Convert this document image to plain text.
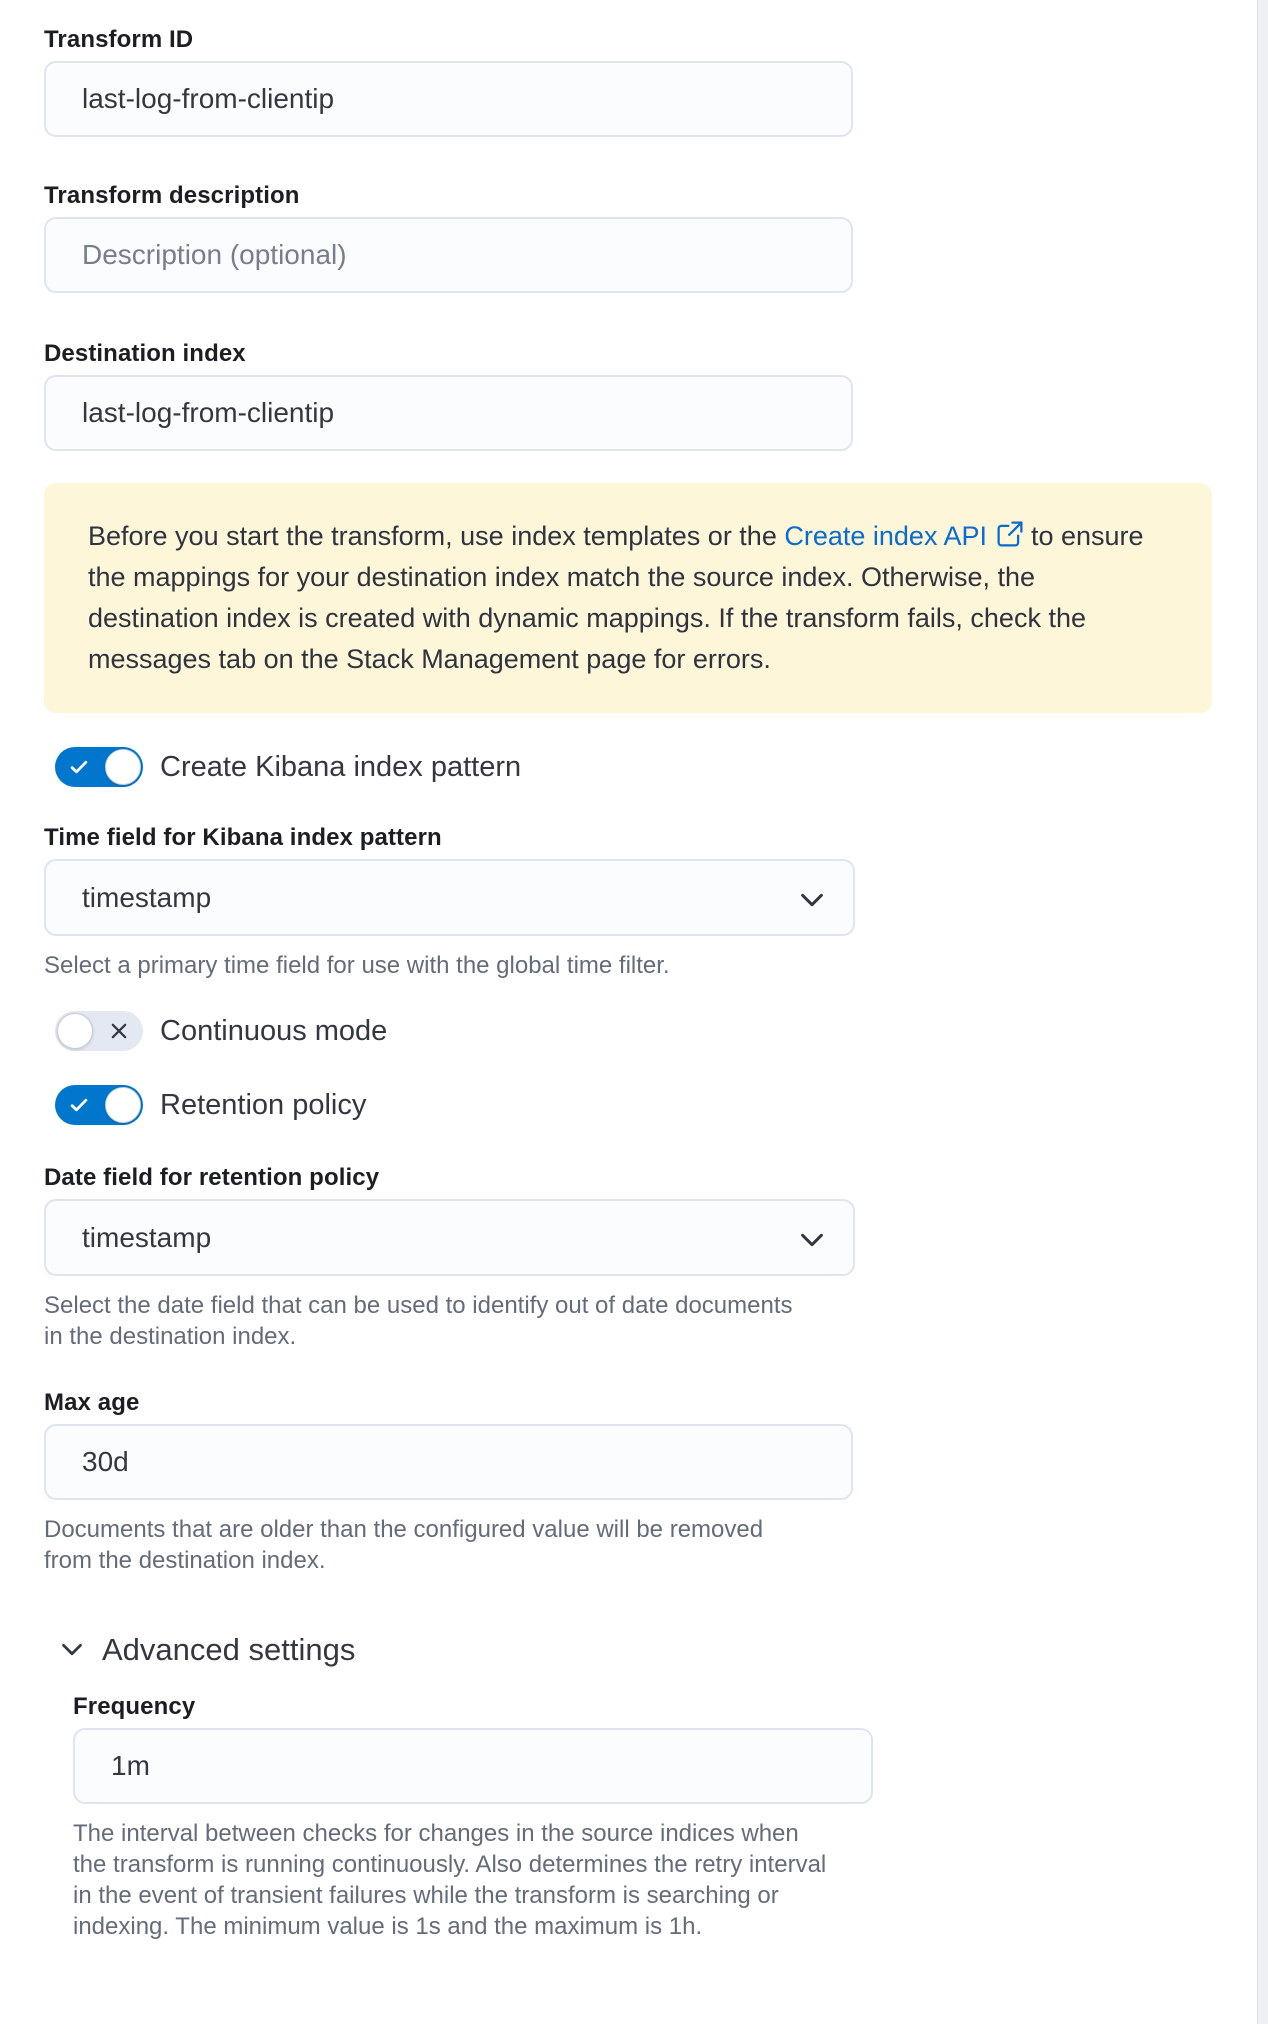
Transform ID
last-log-from-clientip
Transform description
Description (optional)
Destination index
last-log-from-clientip
Before you start the transform, use index templates or the Create index API to ensure the mappings for your destination index match the source index. Otherwise, the destination index is created with dynamic mappings. If the transform fails, check the messages tab on the Stack Management page for errors.
Create Kibana index pattern
Time field for Kibana index pattern
timestamp
Select a primary time field for use with the global time filter.
Continuous mode
Retention policy
Date field for retention policy
timestamp
Select the date field that can be used to identify out of date documents in the destination index.
Max age
30d
Documents that are older than the configured value will be removed from the destination index.
Advanced settings
Frequency
1m
The interval between checks for changes in the source indices when the transform is running continuously. Also determines the retry interval in the event of transient failures while the transform is searching or indexing. The minimum value is 1s and the maximum is 1h.
